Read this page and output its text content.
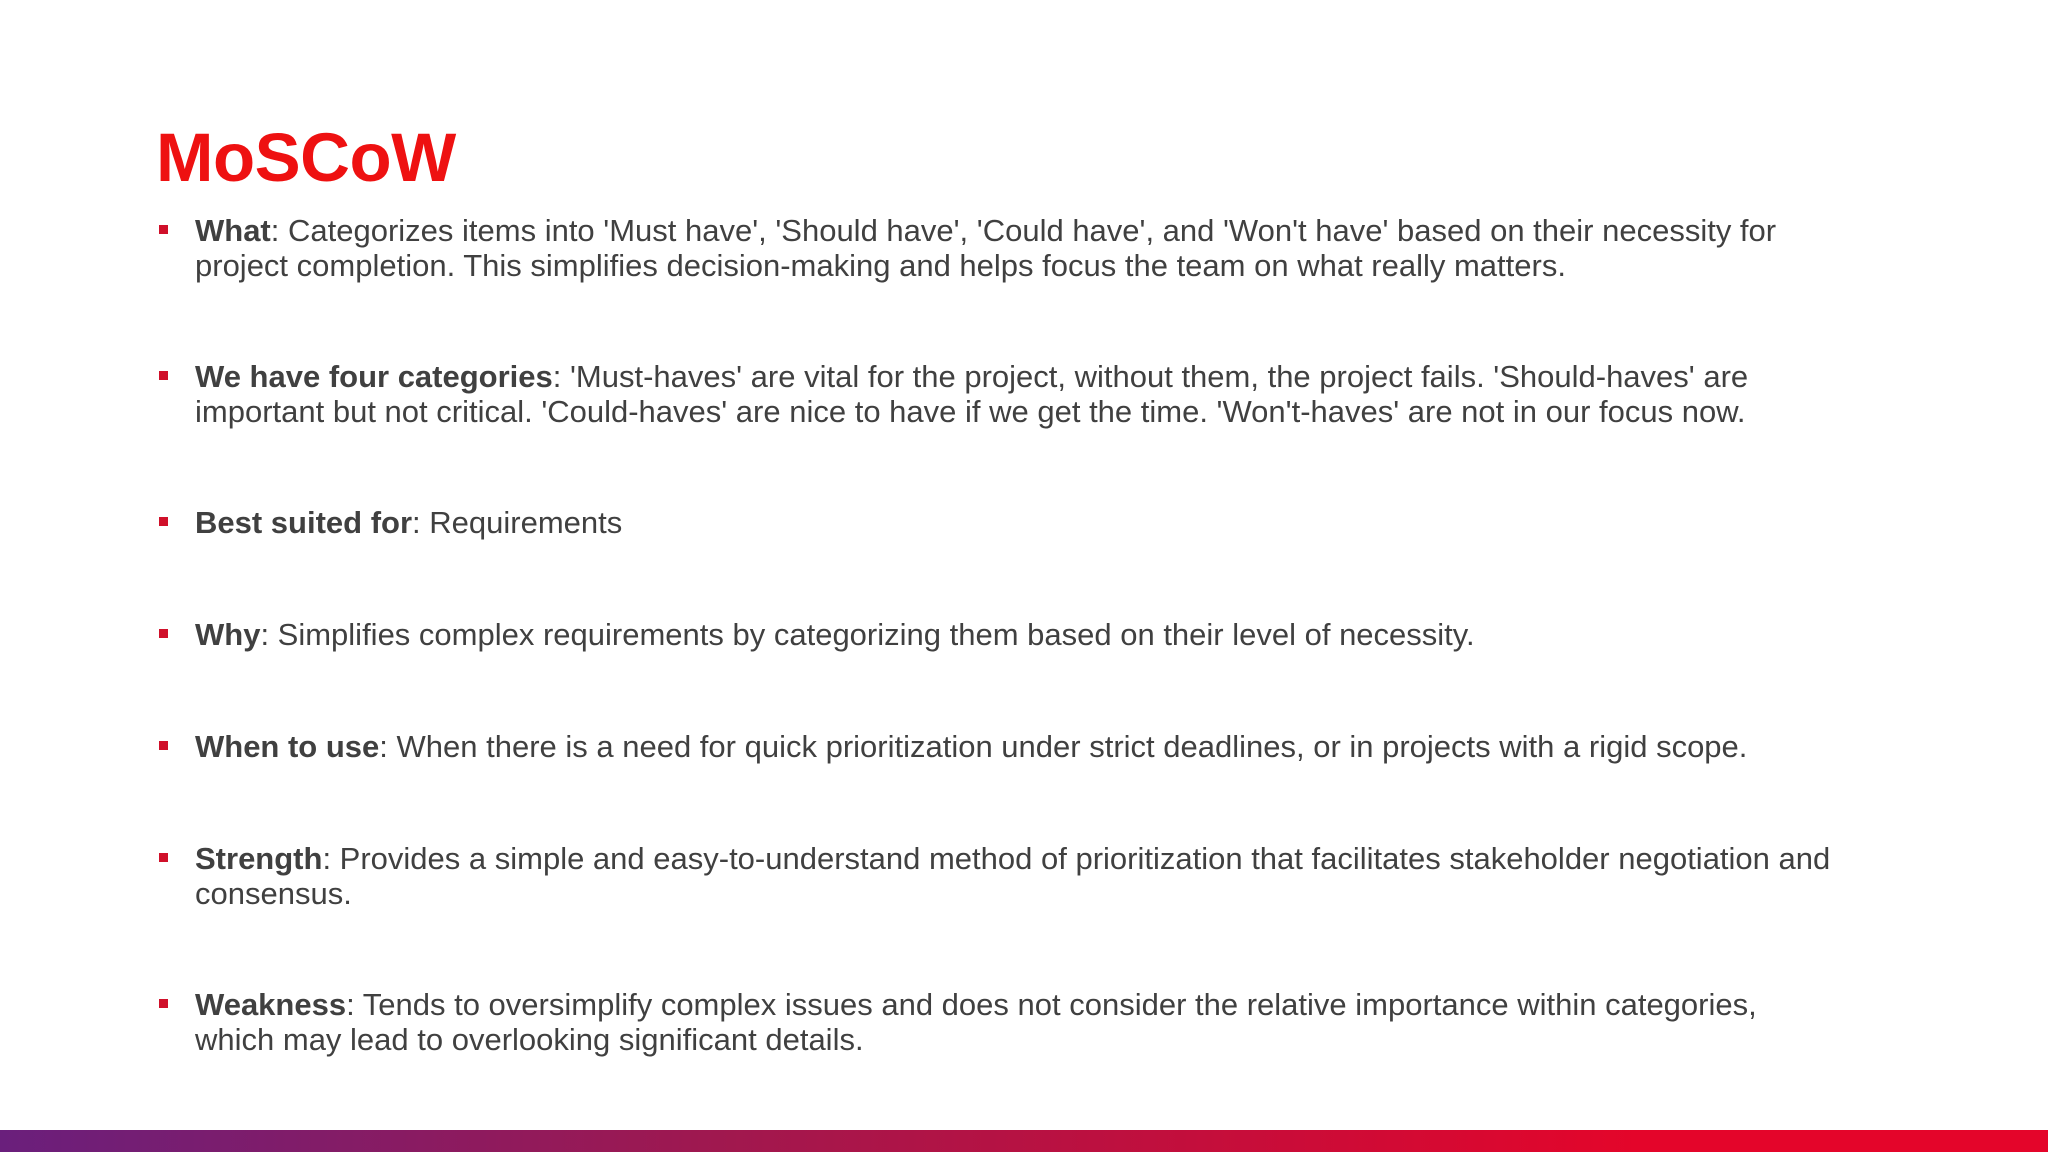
MoSCoW
What: Categorizes items into 'Must have', 'Should have', 'Could have', and 'Won't have' based on their necessity for project completion. This simplifies decision-making and helps focus the team on what really matters.
We have four categories: 'Must-haves' are vital for the project, without them, the project fails. 'Should-haves' are important but not critical. 'Could-haves' are nice to have if we get the time. 'Won't-haves' are not in our focus now.
Best suited for: Requirements
Why: Simplifies complex requirements by categorizing them based on their level of necessity.
When to use: When there is a need for quick prioritization under strict deadlines, or in projects with a rigid scope.
Strength: Provides a simple and easy-to-understand method of prioritization that facilitates stakeholder negotiation and consensus.
Weakness: Tends to oversimplify complex issues and does not consider the relative importance within categories, which may lead to overlooking significant details.
